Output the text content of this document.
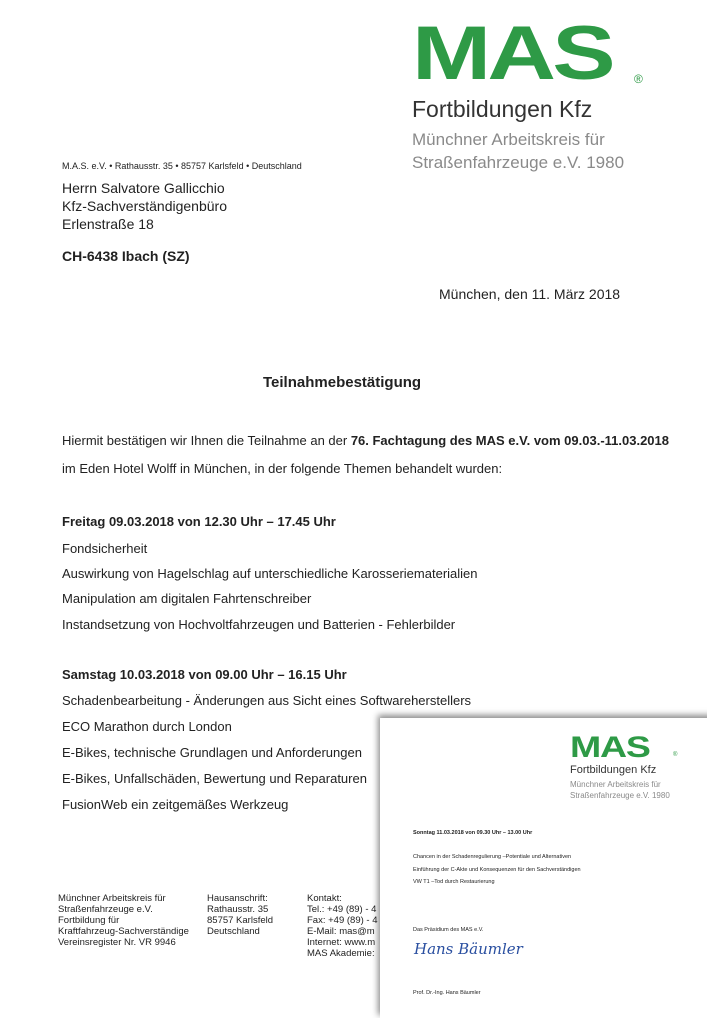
MAS ®
Fortbildungen Kfz
Münchner Arbeitskreis für
Straßenfahrzeuge e.V. 1980
M.A.S. e.V. • Rathausstr. 35 • 85757 Karlsfeld • Deutschland
Herrn Salvatore Gallicchio
Kfz-Sachverständigenbüro
Erlenstraße 18
CH-6438 Ibach (SZ)
München, den 11. März 2018
Teilnahmebestätigung
Hiermit bestätigen wir Ihnen die Teilnahme an der 76. Fachtagung des MAS e.V. vom 09.03.-11.03.2018
im Eden Hotel Wolff in München, in der folgende Themen behandelt wurden:
Freitag 09.03.2018 von 12.30 Uhr – 17.45 Uhr
Fondsicherheit
Auswirkung von Hagelschlag auf unterschiedliche Karosseriematerialien
Manipulation am digitalen Fahrtenschreiber
Instandsetzung von Hochvoltfahrzeugen und Batterien - Fehlerbilder
Samstag 10.03.2018 von 09.00 Uhr – 16.15 Uhr
Schadenbearbeitung - Änderungen aus Sicht eines Softwareherstellers
ECO Marathon durch London
E-Bikes, technische Grundlagen und Anforderungen
E-Bikes, Unfallschäden, Bewertung und Reparaturen
FusionWeb ein zeitgemäßes Werkzeug
Münchner Arbeitskreis für
Straßenfahrzeuge e.V.
Fortbildung für
Kraftfahrzeug-Sachverständige
Vereinsregister Nr. VR 9946
Hausanschrift:
Rathausstr. 35
85757 Karlsfeld
Deutschland
Kontakt:
Tel.: +49 (89) - 4
Fax: +49 (89) - 4
E-Mail: mas@m
Internet: www.m
MAS Akademie:
MAS	®
Fortbildungen Kfz
Münchner Arbeitskreis für
Straßenfahrzeuge e.V. 1980
Sonntag 11.03.2018 von 09.30 Uhr – 13.00 Uhr
Chancen in der Schadenregulierung –Potentiale und Alternativen
Einführung der C-Akte und Konsequenzen für den Sachverständigen
VW T1 –Tod durch Restaurierung
Das Präsidium des MAS e.V.
Hans Bäumler
Prof. Dr.-Ing. Hans Bäumler
